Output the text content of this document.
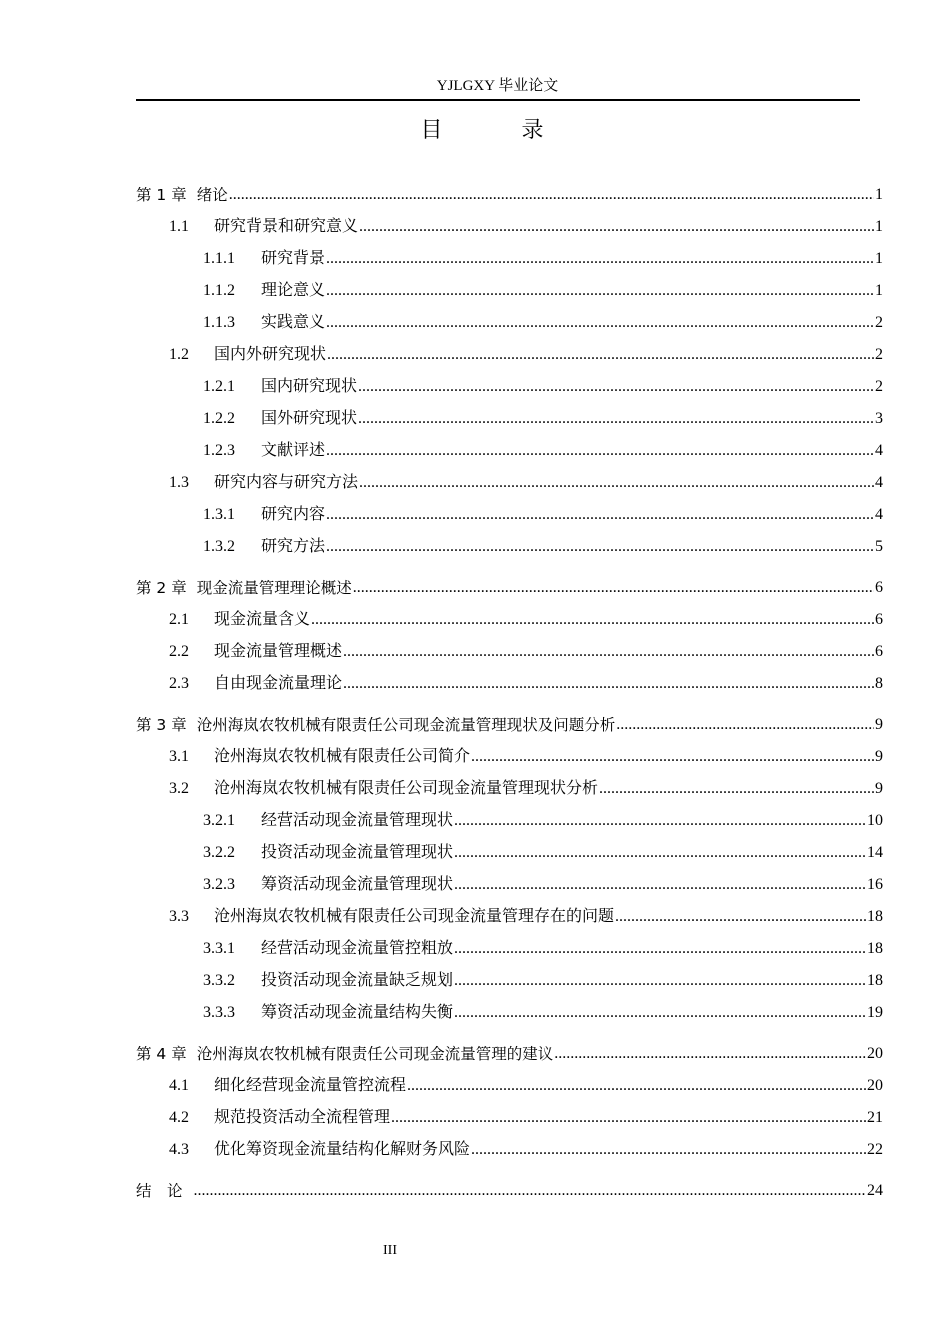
YJLGXY 毕业论文
目 录
第 1 章 绪论 .....	1
1.1	研究背景和研究意义 .....	1
1.1.1	研究背景 .....	1
1.1.2	理论意义 .....	1
1.1.3	实践意义 .....	2
1.2	国内外研究现状 .....	2
1.2.1	国内研究现状 .....	2
1.2.2	国外研究现状 .....	3
1.2.3	文献评述 .....	4
1.3	研究内容与研究方法 .....	4
1.3.1	研究内容 .....	4
1.3.2	研究方法 .....	5
第 2 章 现金流量管理理论概述 .....	6
2.1	现金流量含义 .....	6
2.2	现金流量管理概述 .....	6
2.3	自由现金流量理论 .....	8
第 3 章 沧州海岚农牧机械有限责任公司现金流量管理现状及问题分析 .....	9
3.1	沧州海岚农牧机械有限责任公司简介 .....	9
3.2	沧州海岚农牧机械有限责任公司现金流量管理现状分析 .....	9
3.2.1	经营活动现金流量管理现状 .....	10
3.2.2	投资活动现金流量管理现状 .....	14
3.2.3	筹资活动现金流量管理现状 .....	16
3.3	沧州海岚农牧机械有限责任公司现金流量管理存在的问题 .....	18
3.3.1	经营活动现金流量管控粗放 .....	18
3.3.2	投资活动现金流量缺乏规划 .....	18
3.3.3	筹资活动现金流量结构失衡 .....	19
第 4 章 沧州海岚农牧机械有限责任公司现金流量管理的建议 .....	20
4.1	细化经营现金流量管控流程 .....	20
4.2	规范投资活动全流程管理 .....	21
4.3	优化筹资现金流量结构化解财务风险 .....	22
结　论 .....	24
III
